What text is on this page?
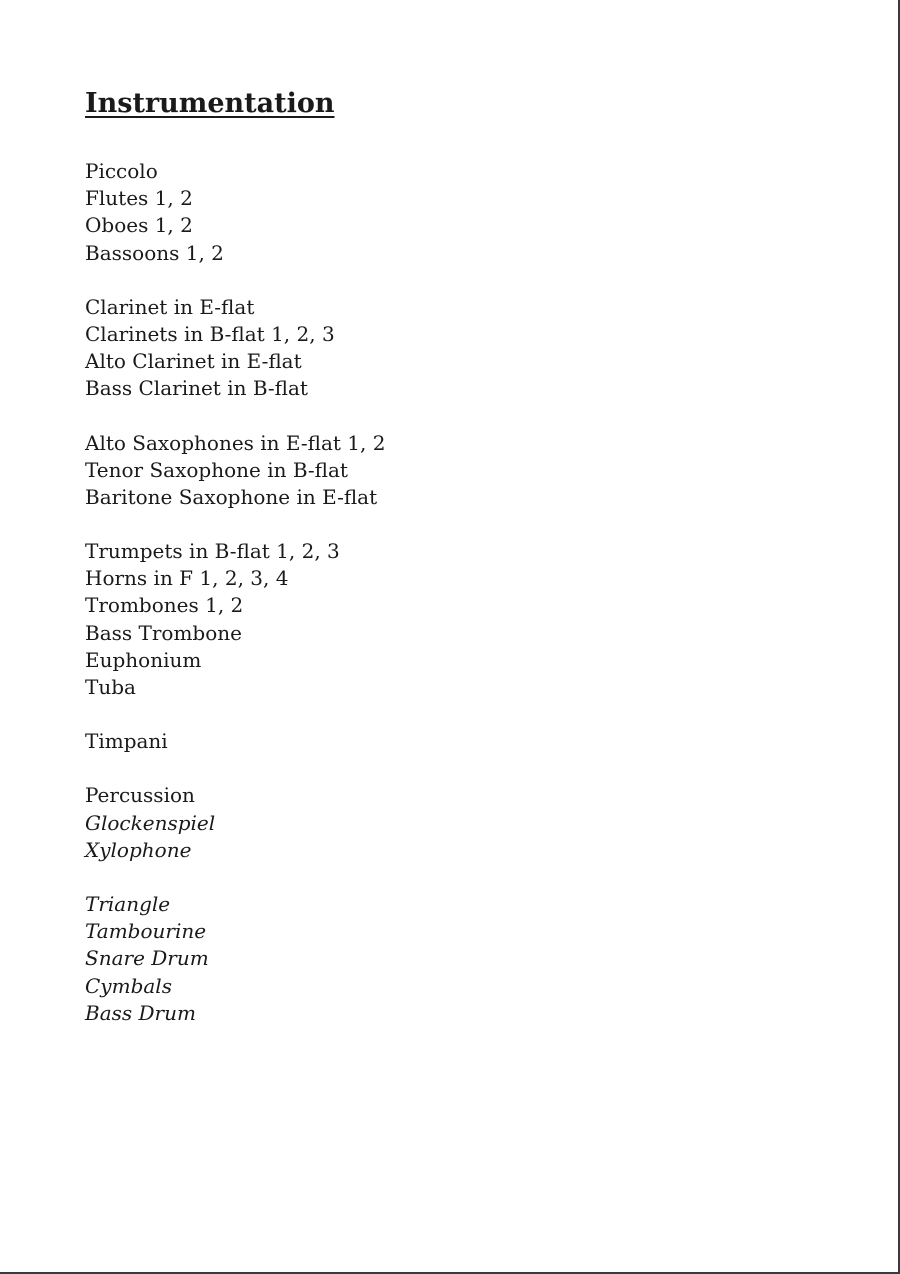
Instrumentation
Piccolo
Flutes 1, 2
Oboes 1, 2
Bassoons 1, 2
Clarinet in E-flat
Clarinets in B-flat 1, 2, 3
Alto Clarinet in E-flat
Bass Clarinet in B-flat
Alto Saxophones in E-flat 1, 2
Tenor Saxophone in B-flat
Baritone Saxophone in E-flat
Trumpets in B-flat 1, 2, 3
Horns in F 1, 2, 3, 4
Trombones 1, 2
Bass Trombone
Euphonium
Tuba
Timpani
Percussion
Glockenspiel
Xylophone
Triangle
Tambourine
Snare Drum
Cymbals
Bass Drum
